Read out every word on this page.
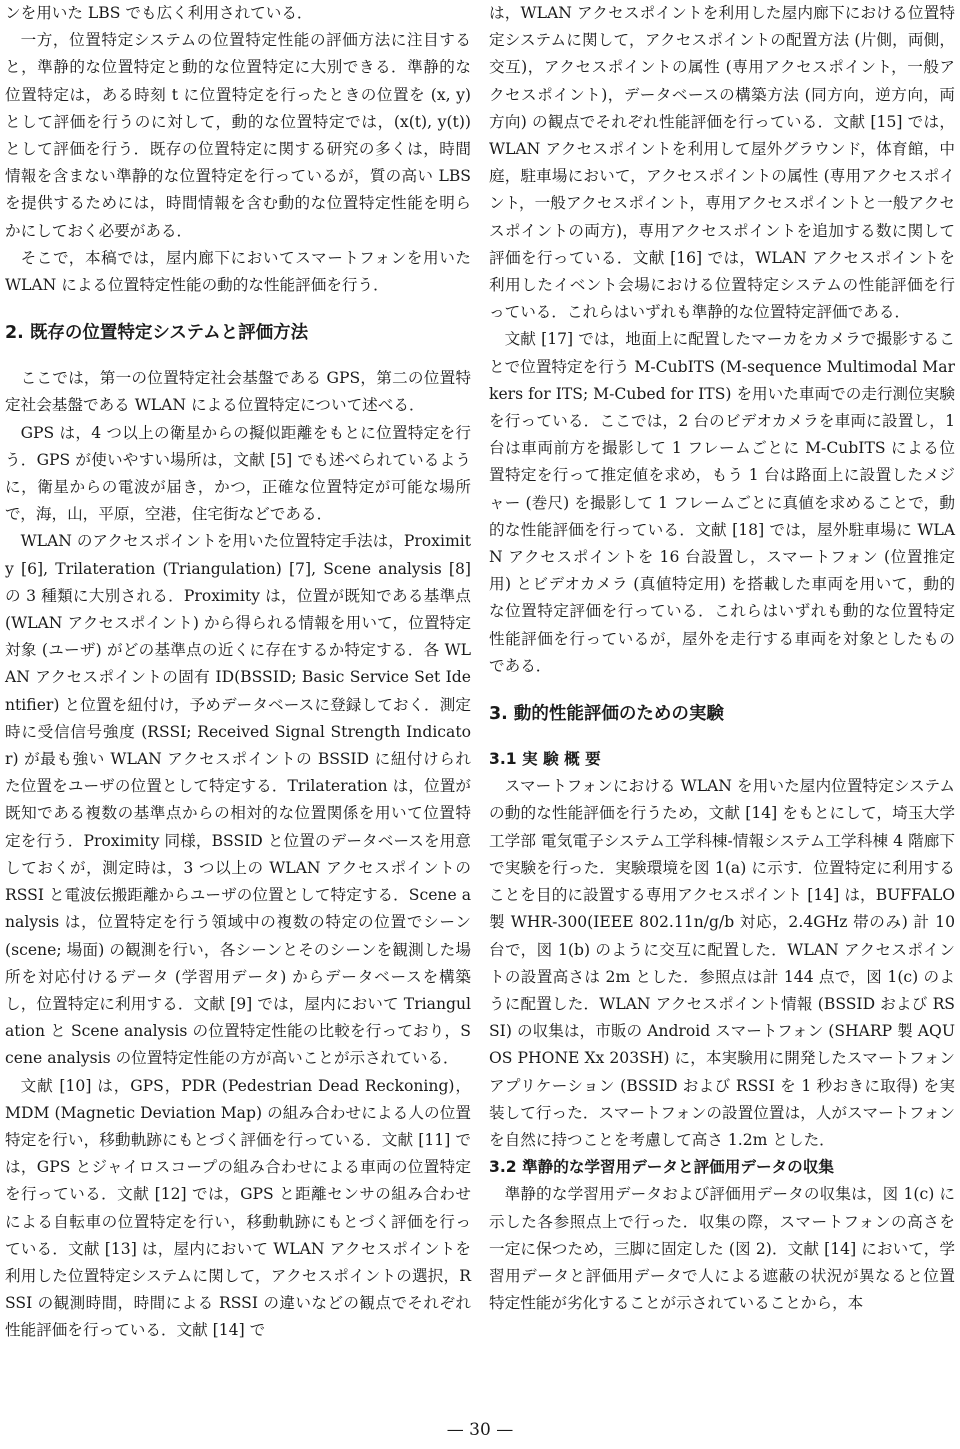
ンを用いた LBS でも広く利用されている．

一方，位置特定システムの位置特定性能の評価方法に注目すると，準静的な位置特定と動的な位置特定に大別できる．準静的な位置特定は，ある時刻 t に位置特定を行ったときの位置を (x, y) として評価を行うのに対して，動的な位置特定では，(x(t), y(t)) として評価を行う．既存の位置特定に関する研究の多くは，時間情報を含まない準静的な位置特定を行っているが，質の高い LBS を提供するためには，時間情報を含む動的な位置特定性能を明らかにしておく必要がある．

そこで，本稿では，屋内廊下においてスマートフォンを用いた WLAN による位置特定性能の動的な性能評価を行う．

2. 既存の位置特定システムと評価方法

ここでは，第一の位置特定社会基盤である GPS，第二の位置特定社会基盤である WLAN による位置特定について述べる．

GPS は，4 つ以上の衛星からの擬似距離をもとに位置特定を行う．GPS が使いやすい場所は，文献 [5] でも述べられているように，衛星からの電波が届き，かつ，正確な位置特定が可能な場所で，海，山，平原，空港，住宅街などである．

WLAN のアクセスポイントを用いた位置特定手法は，Proximity [6], Trilateration (Triangulation) [7], Scene analysis [8] の 3 種類に大別される．Proximity は，位置が既知である基準点 (WLAN アクセスポイント) から得られる情報を用いて，位置特定対象 (ユーザ) がどの基準点の近くに存在するか特定する．各 WLAN アクセスポイントの固有 ID(BSSID; Basic Service Set Identifier) と位置を紐付け，予めデータベースに登録しておく．測定時に受信信号強度 (RSSI; Received Signal Strength Indicator) が最も強い WLAN アクセスポイントの BSSID に紐付けられた位置をユーザの位置として特定する．Trilateration は，位置が既知である複数の基準点からの相対的な位置関係を用いて位置特定を行う．Proximity 同様，BSSID と位置のデータベースを用意しておくが，測定時は，3 つ以上の WLAN アクセスポイントの RSSI と電波伝搬距離からユーザの位置として特定する．Scene analysis は，位置特定を行う領域中の複数の特定の位置でシーン (scene; 場面) の観測を行い，各シーンとそのシーンを観測した場所を対応付けるデータ (学習用データ) からデータベースを構築し，位置特定に利用する．文献 [9] では，屋内において Triangulation と Scene analysis の位置特定性能の比較を行っており，Scene analysis の位置特定性能の方が高いことが示されている．

文献 [10] は，GPS，PDR (Pedestrian Dead Reckoning)，MDM (Magnetic Deviation Map) の組み合わせによる人の位置特定を行い，移動軌跡にもとづく評価を行っている．文献 [11] では，GPS とジャイロスコープの組み合わせによる車両の位置特定を行っている．文献 [12] では，GPS と距離センサの組み合わせによる自転車の位置特定を行い，移動軌跡にもとづく評価を行っている．文献 [13] は，屋内において WLAN アクセスポイントを利用した位置特定システムに関して，アクセスポイントの選択，RSSI の観測時間，時間による RSSI の違いなどの観点でそれぞれ性能評価を行っている．文献 [14] で

は，WLAN アクセスポイントを利用した屋内廊下における位置特定システムに関して，アクセスポイントの配置方法 (片側，両側，交互)，アクセスポイントの属性 (専用アクセスポイント，一般アクセスポイント)，データベースの構築方法 (同方向，逆方向，両方向) の観点でそれぞれ性能評価を行っている．文献 [15] では，WLAN アクセスポイントを利用して屋外グラウンド，体育館，中庭，駐車場において，アクセスポイントの属性 (専用アクセスポイント，一般アクセスポイント，専用アクセスポイントと一般アクセスポイントの両方)，専用アクセスポイントを追加する数に関して評価を行っている．文献 [16] では，WLAN アクセスポイントを利用したイベント会場における位置特定システムの性能評価を行っている．これらはいずれも準静的な位置特定評価である．

文献 [17] では，地面上に配置したマーカをカメラで撮影することで位置特定を行う M-CubITS (M-sequence Multimodal Markers for ITS; M-Cubed for ITS) を用いた車両での走行測位実験を行っている．ここでは，2 台のビデオカメラを車両に設置し，1 台は車両前方を撮影して 1 フレームごとに M-CubITS による位置特定を行って推定値を求め，もう 1 台は路面上に設置したメジャー (巻尺) を撮影して 1 フレームごとに真値を求めることで，動的な性能評価を行っている．文献 [18] では，屋外駐車場に WLAN アクセスポイントを 16 台設置し，スマートフォン (位置推定用) とビデオカメラ (真値特定用) を搭載した車両を用いて，動的な位置特定評価を行っている．これらはいずれも動的な位置特定性能評価を行っているが，屋外を走行する車両を対象としたものである．

3. 動的性能評価のための実験

3.1 実 験 概 要

スマートフォンにおける WLAN を用いた屋内位置特定システムの動的な性能評価を行うため，文献 [14] をもとにして，埼玉大学 工学部 電気電子システム工学科棟-情報システム工学科棟 4 階廊下で実験を行った．実験環境を図 1(a) に示す．位置特定に利用することを目的に設置する専用アクセスポイント [14] は，BUFFALO 製 WHR-300(IEEE 802.11n/g/b 対応，2.4GHz 帯のみ) 計 10 台で，図 1(b) のように交互に配置した．WLAN アクセスポイントの設置高さは 2m とした．参照点は計 144 点で，図 1(c) のように配置した．WLAN アクセスポイント情報 (BSSID および RSSI) の収集は，市販の Android スマートフォン (SHARP 製 AQUOS PHONE Xx 203SH) に，本実験用に開発したスマートフォンアプリケーション (BSSID および RSSI を 1 秒おきに取得) を実装して行った．スマートフォンの設置位置は，人がスマートフォンを自然に持つことを考慮して高さ 1.2m とした．

3.2 準静的な学習用データと評価用データの収集

準静的な学習用データおよび評価用データの収集は，図 1(c) に示した各参照点上で行った．収集の際，スマートフォンの高さを一定に保つため，三脚に固定した (図 2)．文献 [14] において，学習用データと評価用データで人による遮蔽の状況が異なると位置特定性能が劣化することが示されていることから，本

— 30 —
